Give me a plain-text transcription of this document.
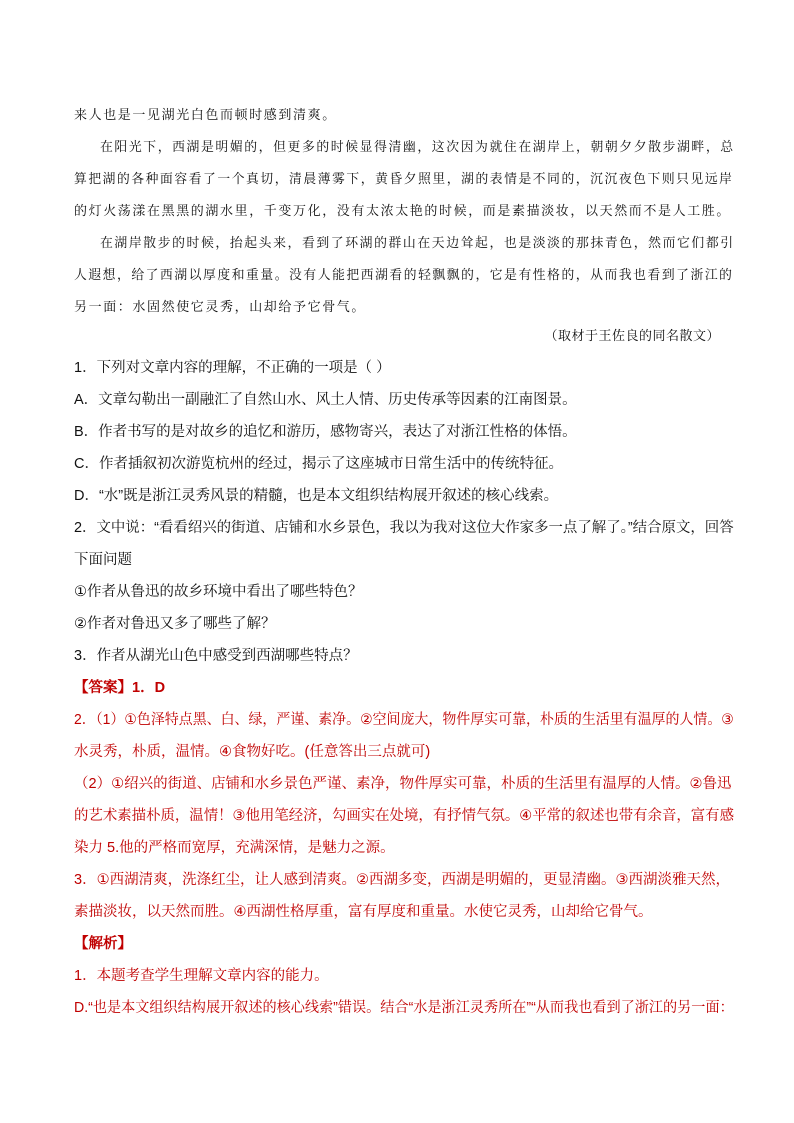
来人也是一见湖光白色而顿时感到清爽。
在阳光下，西湖是明媚的，但更多的时候显得清幽，这次因为就住在湖岸上，朝朝夕夕散步湖畔，总
算把湖的各种面容看了一个真切，清晨薄雾下，黄昏夕照里，湖的表情是不同的，沉沉夜色下则只见远岸
的灯火荡漾在黑黑的湖水里，千变万化，没有太浓太艳的时候，而是素描淡妆，以天然而不是人工胜。
在湖岸散步的时候，抬起头来，看到了环湖的群山在天边耸起，也是淡淡的那抹青色，然而它们都引
人遐想，给了西湖以厚度和重量。没有人能把西湖看的轻飘飘的，它是有性格的，从而我也看到了浙江的
另一面：水固然使它灵秀，山却给予它骨气。
（取材于王佐良的同名散文）
1．下列对文章内容的理解，不正确的一项是（ ）
A．文章勾勒出一副融汇了自然山水、风土人情、历史传承等因素的江南图景。
B．作者书写的是对故乡的追忆和游历，感物寄兴，表达了对浙江性格的体悟。
C．作者插叙初次游览杭州的经过，揭示了这座城市日常生活中的传统特征。
D．“水”既是浙江灵秀风景的精髓，也是本文组织结构展开叙述的核心线索。
2．文中说：“看看绍兴的街道、店铺和水乡景色，我以为我对这位大作家多一点了解了。”结合原文，回答
下面问题
①作者从鲁迅的故乡环境中看出了哪些特色？
②作者对鲁迅又多了哪些了解？
3．作者从湖光山色中感受到西湖哪些特点？
【答案】1．D
2．（1）①色泽特点黑、白、绿，严谨、素净。②空间庞大，物件厚实可靠，朴质的生活里有温厚的人情。③
水灵秀，朴质，温情。④食物好吃。(任意答出三点就可)
（2）①绍兴的街道、店铺和水乡景色严谨、素净，物件厚实可靠，朴质的生活里有温厚的人情。②鲁迅
的艺术素描朴质，温情！③他用笔经济，勾画实在处境，有抒情气氛。④平常的叙述也带有余音，富有感
染力 5.他的严格而宽厚，充满深情，是魅力之源。
3．①西湖清爽，洗涤红尘，让人感到清爽。②西湖多变，西湖是明媚的，更显清幽。③西湖淡雅天然，
素描淡妆，以天然而胜。④西湖性格厚重，富有厚度和重量。水使它灵秀，山却给它骨气。
【解析】
1．本题考查学生理解文章内容的能力。
D.“也是本文组织结构展开叙述的核心线索”错误。结合“水是浙江灵秀所在”“从而我也看到了浙江的另一面：
